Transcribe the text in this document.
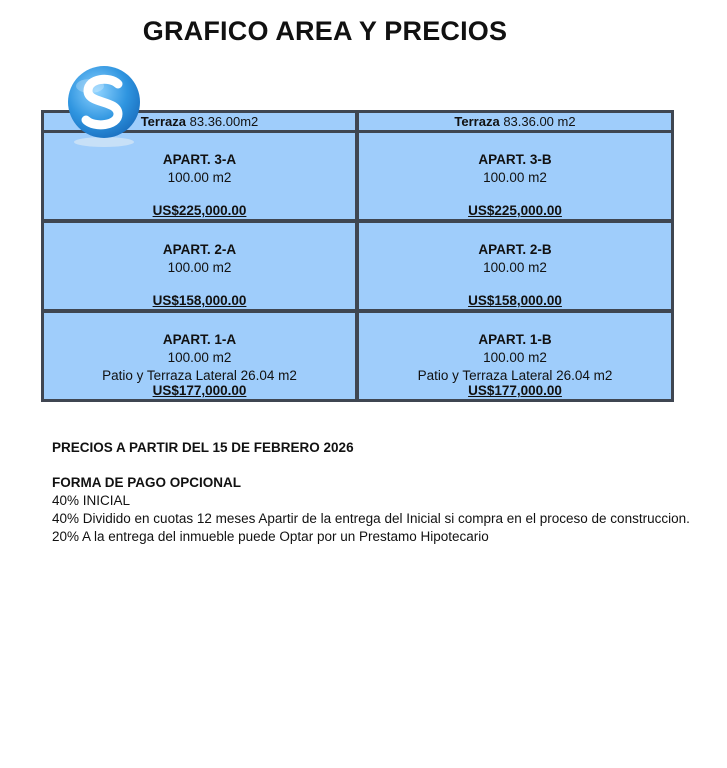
GRAFICO AREA Y PRECIOS
Terraza 83.36.00m2	Terraza 83.36.00 m2
APART. 3-A
100.00 m2
US$225,000.00
APART. 3-B
100.00 m2
US$225,000.00
APART. 2-A
100.00 m2
US$158,000.00
APART. 2-B
100.00 m2
US$158,000.00
APART. 1-A
100.00 m2
Patio y Terraza Lateral 26.04 m2
US$177,000.00
APART. 1-B
100.00 m2
Patio y Terraza Lateral 26.04 m2
US$177,000.00
PRECIOS A PARTIR DEL 15 DE FEBRERO 2026
FORMA DE PAGO OPCIONAL
40% INICIAL
40% Dividido en cuotas 12 meses Apartir de la entrega del Inicial si compra en el proceso de construccion.
20% A la entrega del inmueble puede Optar por un Prestamo Hipotecario
